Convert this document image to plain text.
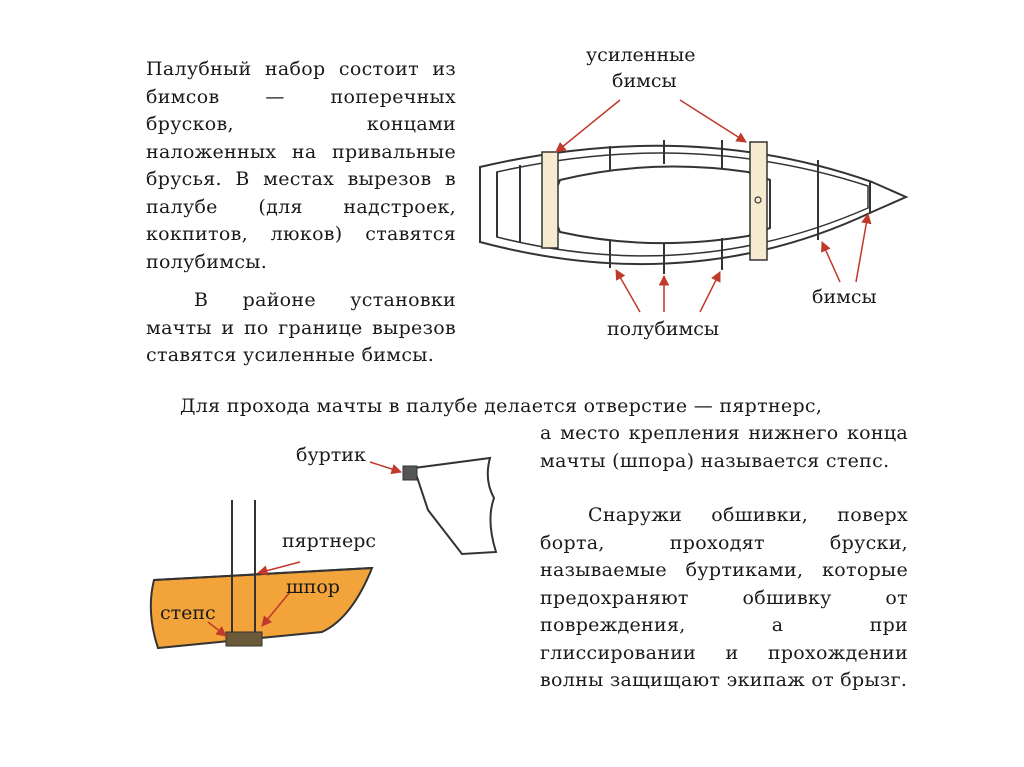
Палубный набор состоит из бимсов — поперечных брусков, концами наложенных на привальные брусья. В местах вырезов в палубе (для надстроек, кокпитов, люков) ставятся полубимсы.
В районе установки мачты и по границе вырезов ставятся усиленные бимсы.
Для прохода мачты в палубе делается отверстие — пяртнерс,
а место крепления нижнего конца мачты (шпора) называется степс.
Снаружи обшивки, поверх борта, проходят бруски, называемые буртиками, которые предохраняют обшивку от повреждения, а при глиссировании и прохождении волны защищают экипаж от брызг.
усиленные
бимсы
бимсы
полубимсы
буртик
пяртнерс
шпор
степс
